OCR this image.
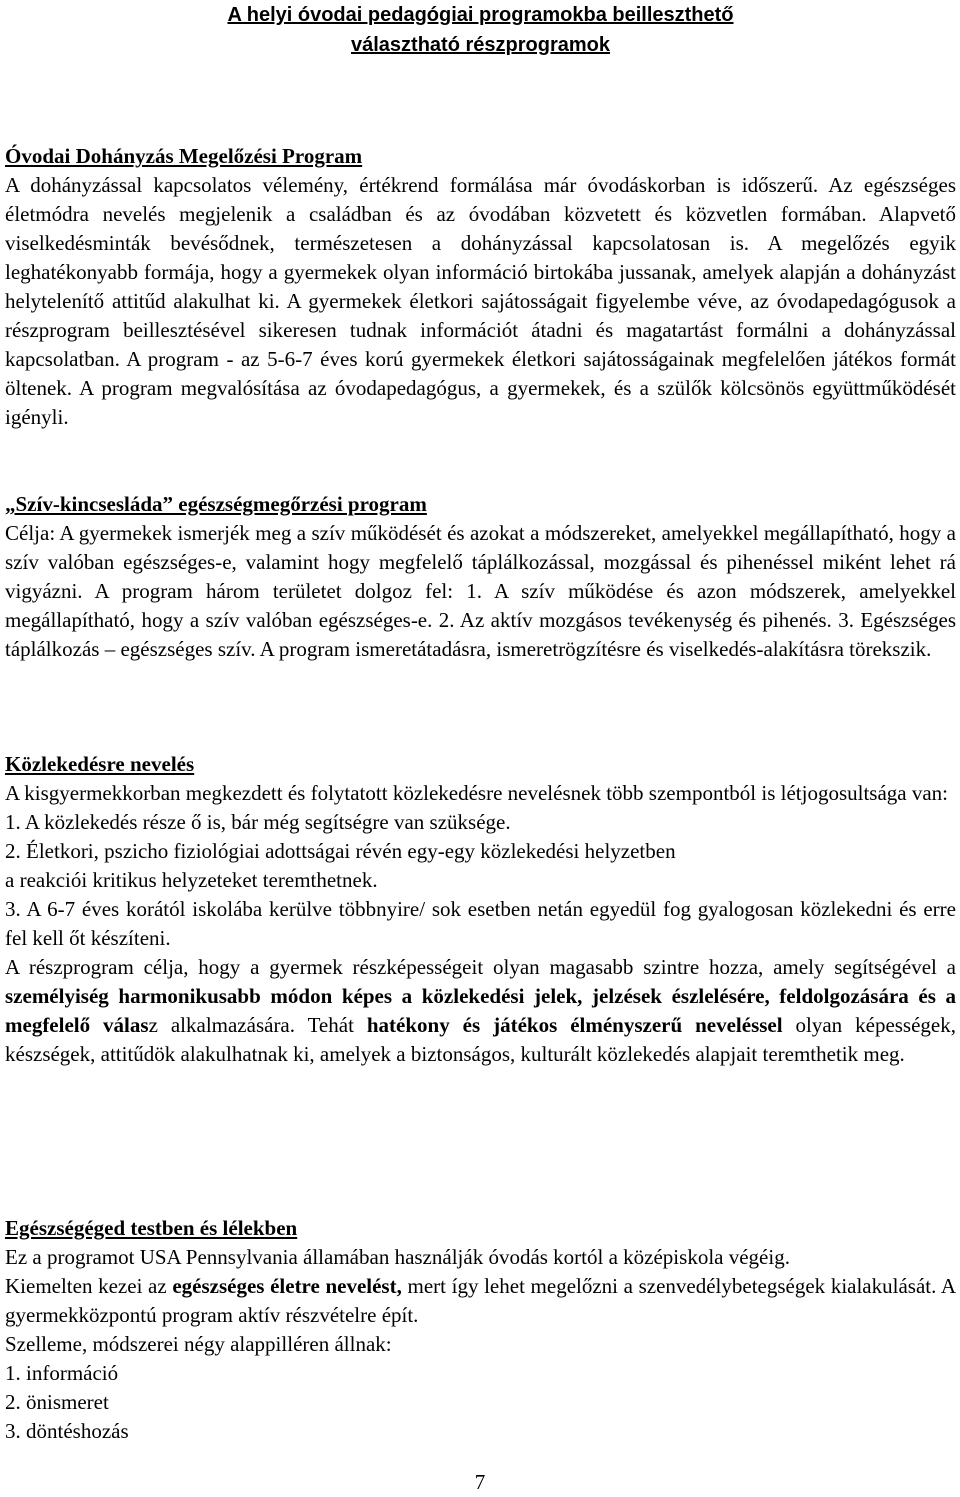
A helyi óvodai pedagógiai programokba beilleszthető
választható részprogramok
Óvodai Dohányzás Megelőzési Program

A dohányzással kapcsolatos vélemény, értékrend formálása már óvodáskorban is időszerű. Az egészséges életmódra nevelés megjelenik a családban és az óvodában közvetett és közvetlen formában. Alapvető viselkedésminták bevésődnek, természetesen a dohányzással kapcsolatosan is. A megelőzés egyik leghatékonyabb formája, hogy a gyermekek olyan információ birtokába jussanak, amelyek alapján a dohányzást helytelenítő attitűd alakulhat ki. A gyermekek életkori sajátosságait figyelembe véve, az óvodapedagógusok a részprogram beillesztésével sikeresen tudnak információt átadni és magatartást formálni a dohányzással kapcsolatban. A program - az 5-6-7 éves korú gyermekek életkori sajátosságainak megfelelően játékos formát öltenek. A program megvalósítása az óvodapedagógus, a gyermekek, és a szülők kölcsönös együttműködését igényli.

„Szív-kincsesláda” egészségmegőrzési program

Célja: A gyermekek ismerjék meg a szív működését és azokat a módszereket, amelyekkel megállapítható, hogy a szív valóban egészséges-e, valamint hogy megfelelő táplálkozással, mozgással és pihenéssel miként lehet rá vigyázni. A program három területet dolgoz fel: 1. A szív működése és azon módszerek, amelyekkel megállapítható, hogy a szív valóban egészséges-e. 2. Az aktív mozgásos tevékenység és pihenés. 3. Egészséges táplálkozás – egészséges szív. A program ismeretátadásra, ismeretrögzítésre és viselkedés-alakításra törekszik.

Közlekedésre nevelés

A kisgyermekkorban megkezdett és folytatott közlekedésre nevelésnek több szempontból is létjogosultsága van:

1. A közlekedés része ő is, bár még segítségre van szüksége.
2. Életkori, pszicho fiziológiai adottságai révén egy-egy közlekedési helyzetben
a reakciói kritikus helyzeteket teremthetnek.

3. A 6-7 éves korától iskolába kerülve többnyire/ sok esetben netán egyedül fog gyalogosan közlekedni és erre fel kell őt készíteni.

A részprogram célja, hogy a gyermek részképességeit olyan magasabb szintre hozza, amely segítségével a személyiség harmonikusabb módon képes a közlekedési jelek, jelzések észlelésére, feldolgozására és a megfelelő válasz alkalmazására. Tehát hatékony és játékos élményszerű neveléssel olyan képességek, készségek, attitűdök alakulhatnak ki, amelyek a biztonságos, kulturált közlekedés alapjait teremthetik meg.

Egészségéged testben és lélekben
Ez a programot USA Pennsylvania államában használják óvodás kortól a középiskola végéig.

Kiemelten kezei az egészséges életre nevelést, mert így lehet megelőzni a szenvedélybetegségek kialakulását. A gyermekközpontú program aktív részvételre épít.

Szelleme, módszerei négy alappilléren állnak:
1. információ
2. önismeret
3. döntéshozás
7
